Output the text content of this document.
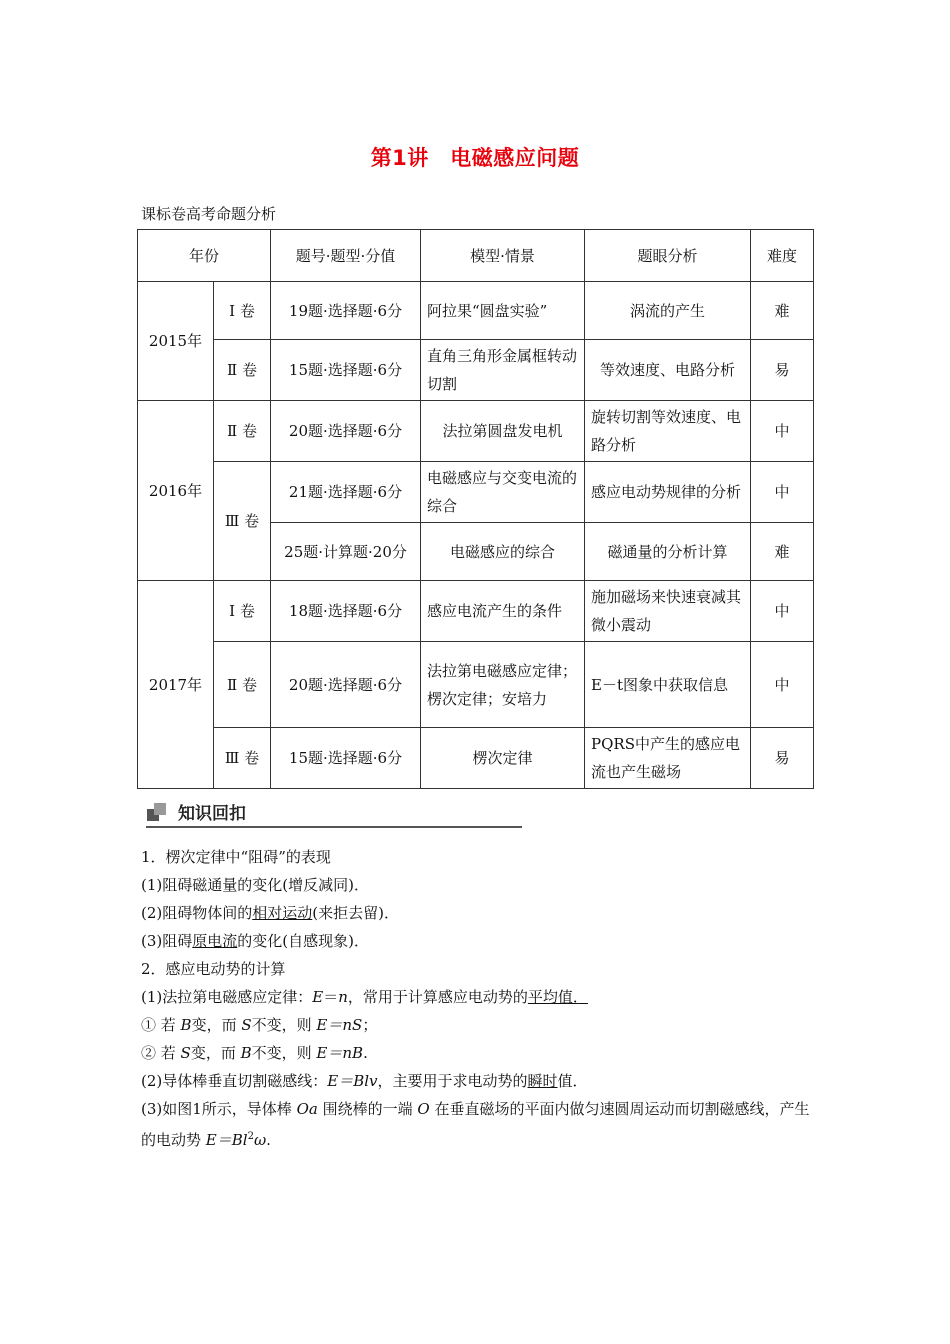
第1讲　电磁感应问题
课标卷高考命题分析
年份		题号·题型·分值	模型·情景	题眼分析	难度
2015年	Ⅰ 卷	19题·选择题·6分	阿拉果“圆盘实验”	涡流的产生	难
	Ⅱ 卷	15题·选择题·6分	直角三角形金属框转动切割	等效速度、电路分析	易
2016年	Ⅱ 卷	20题·选择题·6分	法拉第圆盘发电机	旋转切割等效速度、电路分析	中
	Ⅲ 卷	21题·选择题·6分	电磁感应与交变电流的综合	感应电动势规律的分析	中
		25题·计算题·20分	电磁感应的综合	磁通量的分析计算	难
2017年	Ⅰ 卷	18题·选择题·6分	感应电流产生的条件	施加磁场来快速衰减其微小震动	中
	Ⅱ 卷	20题·选择题·6分	法拉第电磁感应定律；楞次定律；安培力	E－t图象中获取信息	中
	Ⅲ 卷	15题·选择题·6分	楞次定律	PQRS中产生的感应电流也产生磁场	易
知识回扣
1．楞次定律中“阻碍”的表现
(1)阻碍磁通量的变化(增反减同)．
(2)阻碍物体间的相对运动(来拒去留)．
(3)阻碍原电流的变化(自感现象)．
2．感应电动势的计算
(1)法拉第电磁感应定律：E＝n，常用于计算感应电动势的平均值．
① 若 B变，而 S不变，则 E＝nS；
② 若 S变，而 B不变，则 E＝nB.
(2)导体棒垂直切割磁感线：E＝Blv，主要用于求电动势的瞬时值．
(3)如图1所示，导体棒 Oa 围绕棒的一端 O 在垂直磁场的平面内做匀速圆周运动而切割磁感线，产生的电动势 $E=Bl^2\omega$.
